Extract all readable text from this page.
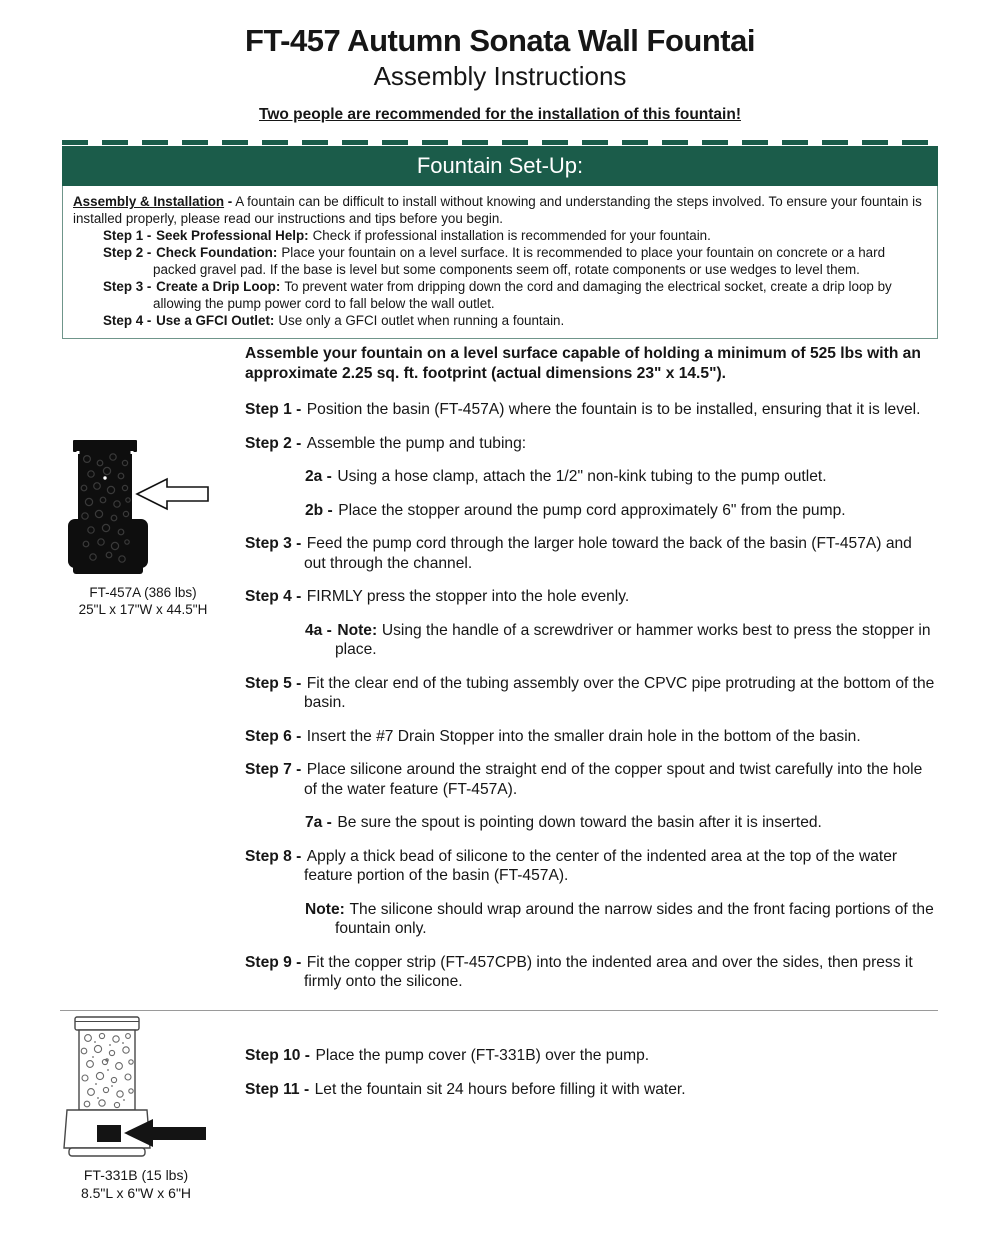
FT-457 Autumn Sonata Wall Fountai
Assembly Instructions

Two people are recommended for the installation of this fountain!

Fountain Set-Up:

Assembly & Installation - A fountain can be difficult to install without knowing and understanding the steps involved. To ensure your fountain is installed properly, please read our instructions and tips before you begin.

Step 1 - Seek Professional Help: Check if professional installation is recommended for your fountain.

Step 2 - Check Foundation: Place your fountain on a level surface. It is recommended to place your fountain on concrete or a hard packed gravel pad. If the base is level but some components seem off, rotate components or use wedges to level them.

Step 3 - Create a Drip Loop: To prevent water from dripping down the cord and damaging the electrical socket, create a drip loop by allowing the pump power cord to fall below the wall outlet.

Step 4 - Use a GFCI Outlet: Use only a GFCI outlet when running a fountain.

FT-457A (386 lbs)
25"L x 17"W x 44.5"H

Assemble your fountain on a level surface capable of holding a minimum of 525 lbs with an approximate 2.25 sq. ft. footprint (actual dimensions 23" x 14.5").

Step 1 - Position the basin (FT-457A) where the fountain is to be installed, ensuring that it is level.

Step 2 - Assemble the pump and tubing:

2a - Using a hose clamp, attach the 1/2" non-kink tubing to the pump outlet.

2b - Place the stopper around the pump cord approximately 6" from the pump.

Step 3 - Feed the pump cord through the larger hole toward the back of the basin (FT-457A) and out through the channel.

Step 4 - FIRMLY press the stopper into the hole evenly.

4a - Note: Using the handle of a screwdriver or hammer works best to press the stopper in place.

Step 5 - Fit the clear end of the tubing assembly over the CPVC pipe protruding at the bottom of the basin.

Step 6 - Insert the #7 Drain Stopper into the smaller drain hole in the bottom of the basin.

Step 7 - Place silicone around the straight end of the copper spout and twist carefully into the hole of the water feature (FT-457A).

7a - Be sure the spout is pointing down toward the basin after it is inserted.

Step 8 - Apply a thick bead of silicone to the center of the indented area at the top of the water feature portion of the basin (FT-457A).

Note: The silicone should wrap around the narrow sides and the front facing portions of the fountain only.

Step 9 - Fit the copper strip (FT-457CPB) into the indented area and over the sides, then press it firmly onto the silicone.

FT-331B (15 lbs)
8.5"L x 6"W x 6"H

Step 10 - Place the pump cover (FT-331B) over the pump.

Step 11 - Let the fountain sit 24 hours before filling it with water.
